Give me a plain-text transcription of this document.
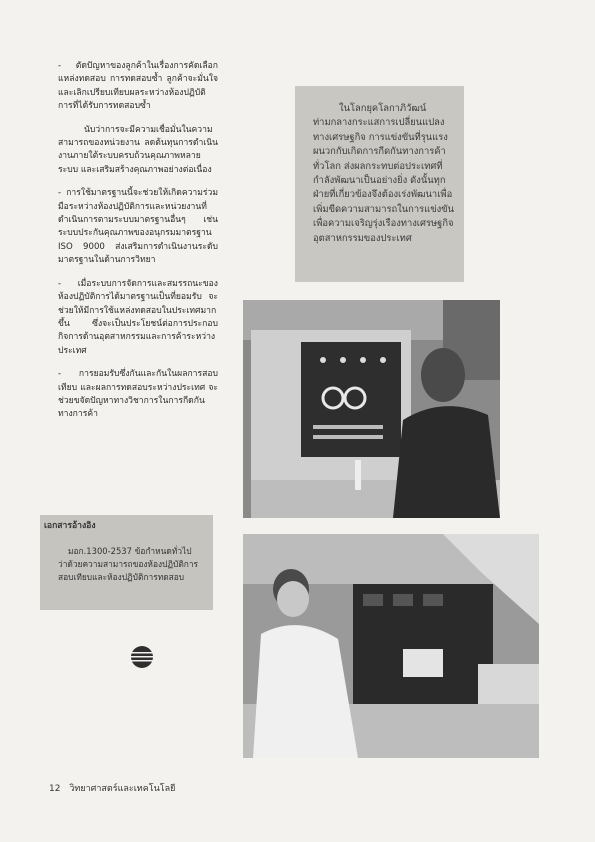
- ตัดปัญหาของลูกค้าในเรื่องการคัดเลือกแหล่งทดสอบ การทดสอบซ้ำ ลูกค้าจะมั่นใจ และเลิกเปรียบเทียบผลระหว่างห้องปฏิบัติการที่ได้รับการทดสอบซ้ำ

นับว่าการจะมีความเชื่อมั่นในความสามารถของหน่วยงาน ลดต้นทุนการดำเนินงานภายใต้ระบบครบถ้วนคุณภาพหลายระบบ และเสริมสร้างคุณภาพอย่างต่อเนื่อง

- การใช้มาตรฐานนี้จะช่วยให้เกิดความร่วมมือระหว่างห้องปฏิบัติการและหน่วยงานที่ดำเนินการตามระบบมาตรฐานอื่นๆ เช่น ระบบประกันคุณภาพของอนุกรมมาตรฐาน ISO 9000 ส่งเสริมการดำเนินงานระดับมาตรฐานในด้านการวิทยา

- เมื่อระบบการจัดการและสมรรถนะของห้องปฏิบัติการได้มาตรฐานเป็นที่ยอมรับ จะช่วยให้มีการใช้แหล่งทดสอบในประเทศมากขึ้น ซึ่งจะเป็นประโยชน์ต่อการประกอบกิจการด้านอุตสาหกรรมและการค้าระหว่างประเทศ

- การยอมรับซึ่งกันและกันในผลการสอบเทียบ และผลการทดสอบระหว่างประเทศ จะช่วยขจัดปัญหาทางวิชาการในการกีดกันทางการค้า

ในโลกยุคโลกาภิวัฒน์
ท่ามกลางกระแสการเปลี่ยนแปลงทางเศรษฐกิจ การแข่งขันที่รุนแรงผนวกกับเกิดการกีดกันทางการค้าทั่วโลก ส่งผลกระทบต่อประเทศที่กำลังพัฒนาเป็นอย่างยิ่ง ดังนั้นทุกฝ่ายที่เกี่ยวข้องจึงต้องเร่งพัฒนาเพื่อเพิ่มขีดความสามารถในการแข่งขัน เพื่อความเจริญรุ่งเรืองทางเศรษฐกิจอุตสาหกรรมของประเทศ
เอกสารอ้างอิง
มอก.1300-2537 ข้อกำหนดทั่วไป
ว่าด้วยความสามารถของห้องปฏิบัติการสอบเทียบและห้องปฏิบัติการทดสอบ
12 วิทยาศาสตร์และเทคโนโลยี
